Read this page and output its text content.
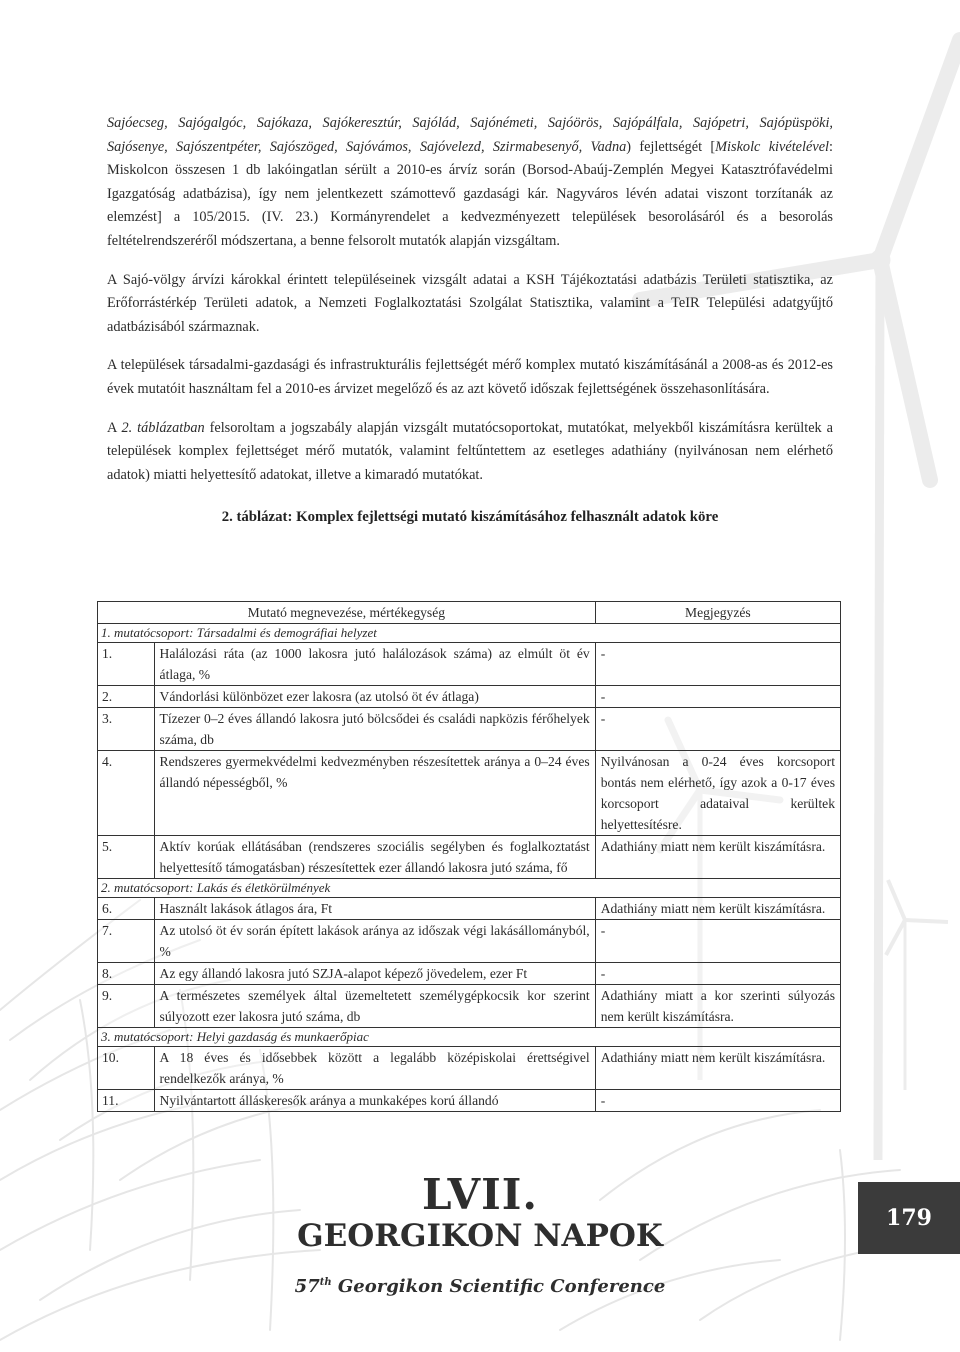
Sajóecseg, Sajógalgóc, Sajókaza, Sajókeresztúr, Sajólád, Sajónémeti, Sajóörös, Sajópálfala, Sajópetri, Sajópüspöki, Sajósenye, Sajószentpéter, Sajószöged, Sajóvámos, Sajóvelezd, Szirmabesenyő, Vadna) fejlettségét [Miskolc kivételével: Miskolcon összesen 1 db lakóingatlan sérült a 2010-es árvíz során (Borsod-Abaúj-Zemplén Megyei Katasztrófavédelmi Igazgatóság adatbázisa), így nem jelentkezett számottevő gazdasági kár. Nagyváros lévén adatai viszont torzítanák az elemzést] a 105/2015. (IV. 23.) Kormányrendelet a kedvezményezett települések besorolásáról és a besorolás feltételrendszeréről módszertana, a benne felsorolt mutatók alapján vizsgáltam.

A Sajó-völgy árvízi károkkal érintett településeinek vizsgált adatai a KSH Tájékoztatási adatbázis Területi statisztika, az Erőforrástérkép Területi adatok, a Nemzeti Foglalkoztatási Szolgálat Statisztika, valamint a TeIR Települési adatgyűjtő adatbázisából származnak.

A települések társadalmi-gazdasági és infrastrukturális fejlettségét mérő komplex mutató kiszámításánál a 2008-as és 2012-es évek mutatóit használtam fel a 2010-es árvizet megelőző és az azt követő időszak fejlettségének összehasonlítására.

A 2. táblázatban felsoroltam a jogszabály alapján vizsgált mutatócsoportokat, mutatókat, melyekből kiszámításra kerültek a települések komplex fejlettséget mérő mutatók, valamint feltűntettem az esetleges adathiány (nyilvánosan nem elérhető adatok) miatti helyettesítő adatokat, illetve a kimaradó mutatókat.

2. táblázat: Komplex fejlettségi mutató kiszámításához felhasznált adatok köre
Mutató megnevezése, mértékegység		Megjegyzés
1. mutatócsoport: Társadalmi és demográfiai helyzet		
1.	Halálozási ráta (az 1000 lakosra jutó halálozások száma) az elmúlt öt év átlaga, %	-
2.	Vándorlási különbözet ezer lakosra (az utolsó öt év átlaga)	-
3.	Tízezer 0–2 éves állandó lakosra jutó bölcsődei és családi napközis férőhelyek száma, db	-
4.	Rendszeres gyermekvédelmi kedvezményben részesítettek aránya a 0–24 éves állandó népességből, %	Nyilvánosan a 0-24 éves korcsoport bontás nem elérhető, így azok a 0-17 éves korcsoport adataival kerültek helyettesítésre.
5.	Aktív korúak ellátásában (rendszeres szociális segélyben és foglalkoztatást helyettesítő támogatásban) részesítettek ezer állandó lakosra jutó száma, fő	Adathiány miatt nem került kiszámításra.
2. mutatócsoport: Lakás és életkörülmények		
6.	Használt lakások átlagos ára, Ft	Adathiány miatt nem került kiszámításra.
7.	Az utolsó öt év során épített lakások aránya az időszak végi lakásállományból, %	-
8.	Az egy állandó lakosra jutó SZJA-alapot képező jövedelem, ezer Ft	-
9.	A természetes személyek által üzemeltetett személygépkocsik kor szerint súlyozott ezer lakosra jutó száma, db	Adathiány miatt a kor szerinti súlyozás nem került kiszámításra.
3. mutatócsoport: Helyi gazdaság és munkaerőpiac		
10.	A 18 éves és idősebbek között a legalább középiskolai érettségivel rendelkezők aránya, %	Adathiány miatt nem került kiszámításra.
11.	Nyilvántartott álláskeresők aránya a munkaképes korú állandó	-
LVII.
GEORGIKON NAPOK
57th Georgikon Scientific Conference
179
